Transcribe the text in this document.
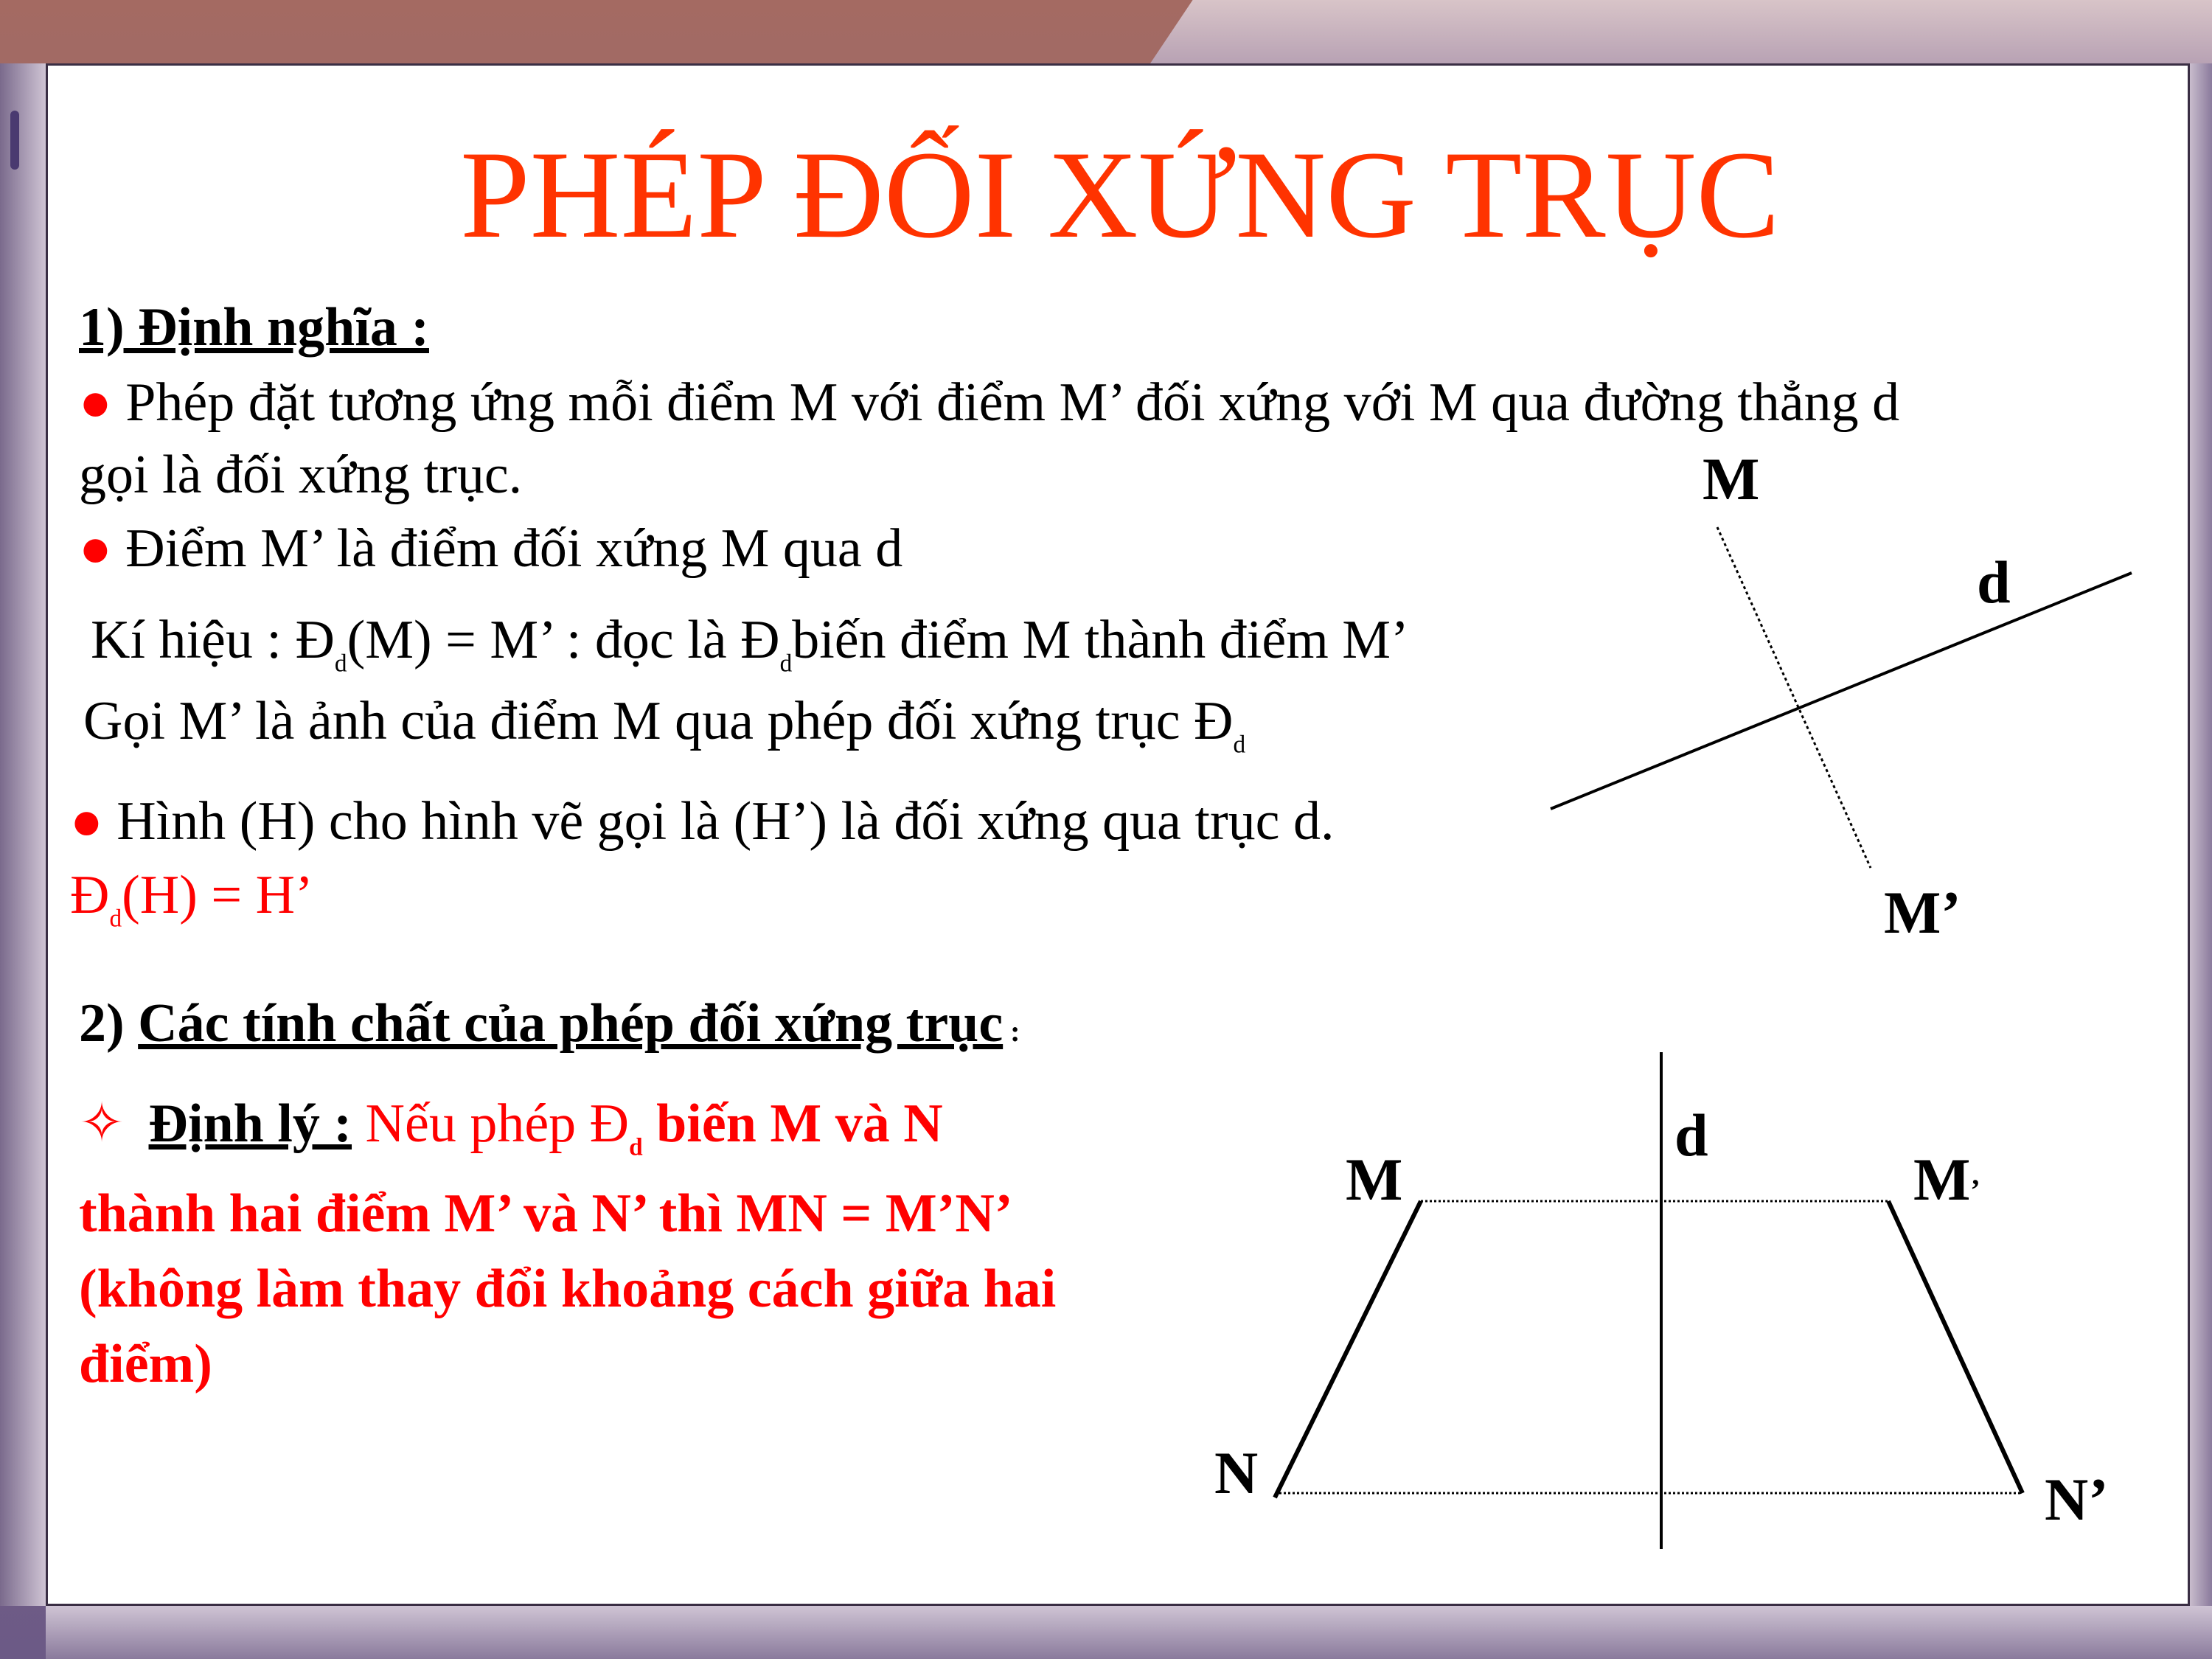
PHÉP ĐỐI XỨNG TRỤC
1) Định nghĩa :
● Phép đặt tương ứng mỗi điểm M với điểm M’ đối xứng với M qua đường thẳng d
gọi là đối xứng trục.
● Điểm M’ là điểm đối xứng M qua d
Kí hiệu : $Đ_d(M) = M$’ : đọc là $Đ_dbiến$ điểm M thành điểm M’
Gọi M’ là ảnh của điểm M qua phép đối xứng trục $Đ_d$
● Hình (H) cho hình vẽ gọi là (H’) là đối xứng qua trục d.
$Đ_d(H) = H$’
2) Các tính chất của phép đối xứng trục :
✧ Định lý : Nếu phép $Đ_d$ biến M và N
thành hai điểm M’ và N’ thì MN = M’N’
(không làm thay đổi khoảng cách giữa hai
điểm)
M
d
M’
d
M	M’
N	N’
